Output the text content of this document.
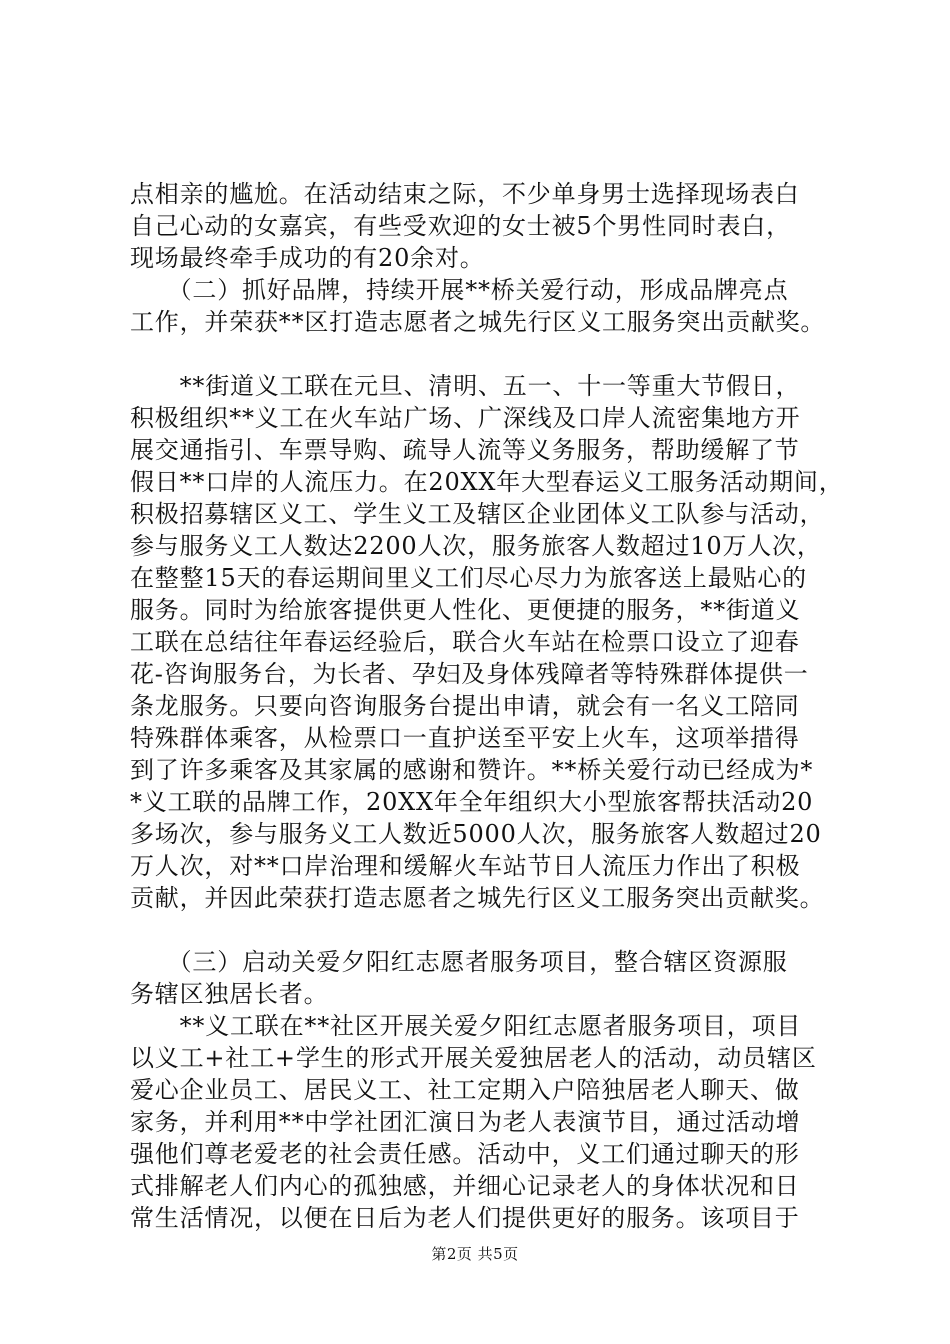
点相亲的尴尬。在活动结束之际，不少单身男士选择现场表白
自己心动的女嘉宾，有些受欢迎的女士被5个男性同时表白，
现场最终牵手成功的有20余对。
　　（二）抓好品牌，持续开展**桥关爱行动，形成品牌亮点
工作，并荣获**区打造志愿者之城先行区义工服务突出贡献奖。
　　**街道义工联在元旦、清明、五一、十一等重大节假日，
积极组织**义工在火车站广场、广深线及口岸人流密集地方开
展交通指引、车票导购、疏导人流等义务服务，帮助缓解了节
假日**口岸的人流压力。在20XX年大型春运义工服务活动期间，
积极招募辖区义工、学生义工及辖区企业团体义工队参与活动，
参与服务义工人数达2200人次，服务旅客人数超过10万人次，
在整整15天的春运期间里义工们尽心尽力为旅客送上最贴心的
服务。同时为给旅客提供更人性化、更便捷的服务，**街道义
工联在总结往年春运经验后，联合火车站在检票口设立了迎春
花-咨询服务台，为长者、孕妇及身体残障者等特殊群体提供一
条龙服务。只要向咨询服务台提出申请，就会有一名义工陪同
特殊群体乘客，从检票口一直护送至平安上火车，这项举措得
到了许多乘客及其家属的感谢和赞许。**桥关爱行动已经成为*
*义工联的品牌工作，20XX年全年组织大小型旅客帮扶活动20
多场次，参与服务义工人数近5000人次，服务旅客人数超过20
万人次，对**口岸治理和缓解火车站节日人流压力作出了积极
贡献，并因此荣获打造志愿者之城先行区义工服务突出贡献奖。
　　（三）启动关爱夕阳红志愿者服务项目，整合辖区资源服
务辖区独居长者。
　　**义工联在**社区开展关爱夕阳红志愿者服务项目，项目
以义工+社工+学生的形式开展关爱独居老人的活动，动员辖区
爱心企业员工、居民义工、社工定期入户陪独居老人聊天、做
家务，并利用**中学社团汇演日为老人表演节目，通过活动增
强他们尊老爱老的社会责任感。活动中，义工们通过聊天的形
式排解老人们内心的孤独感，并细心记录老人的身体状况和日
常生活情况，以便在日后为老人们提供更好的服务。该项目于
第2页 共5页
